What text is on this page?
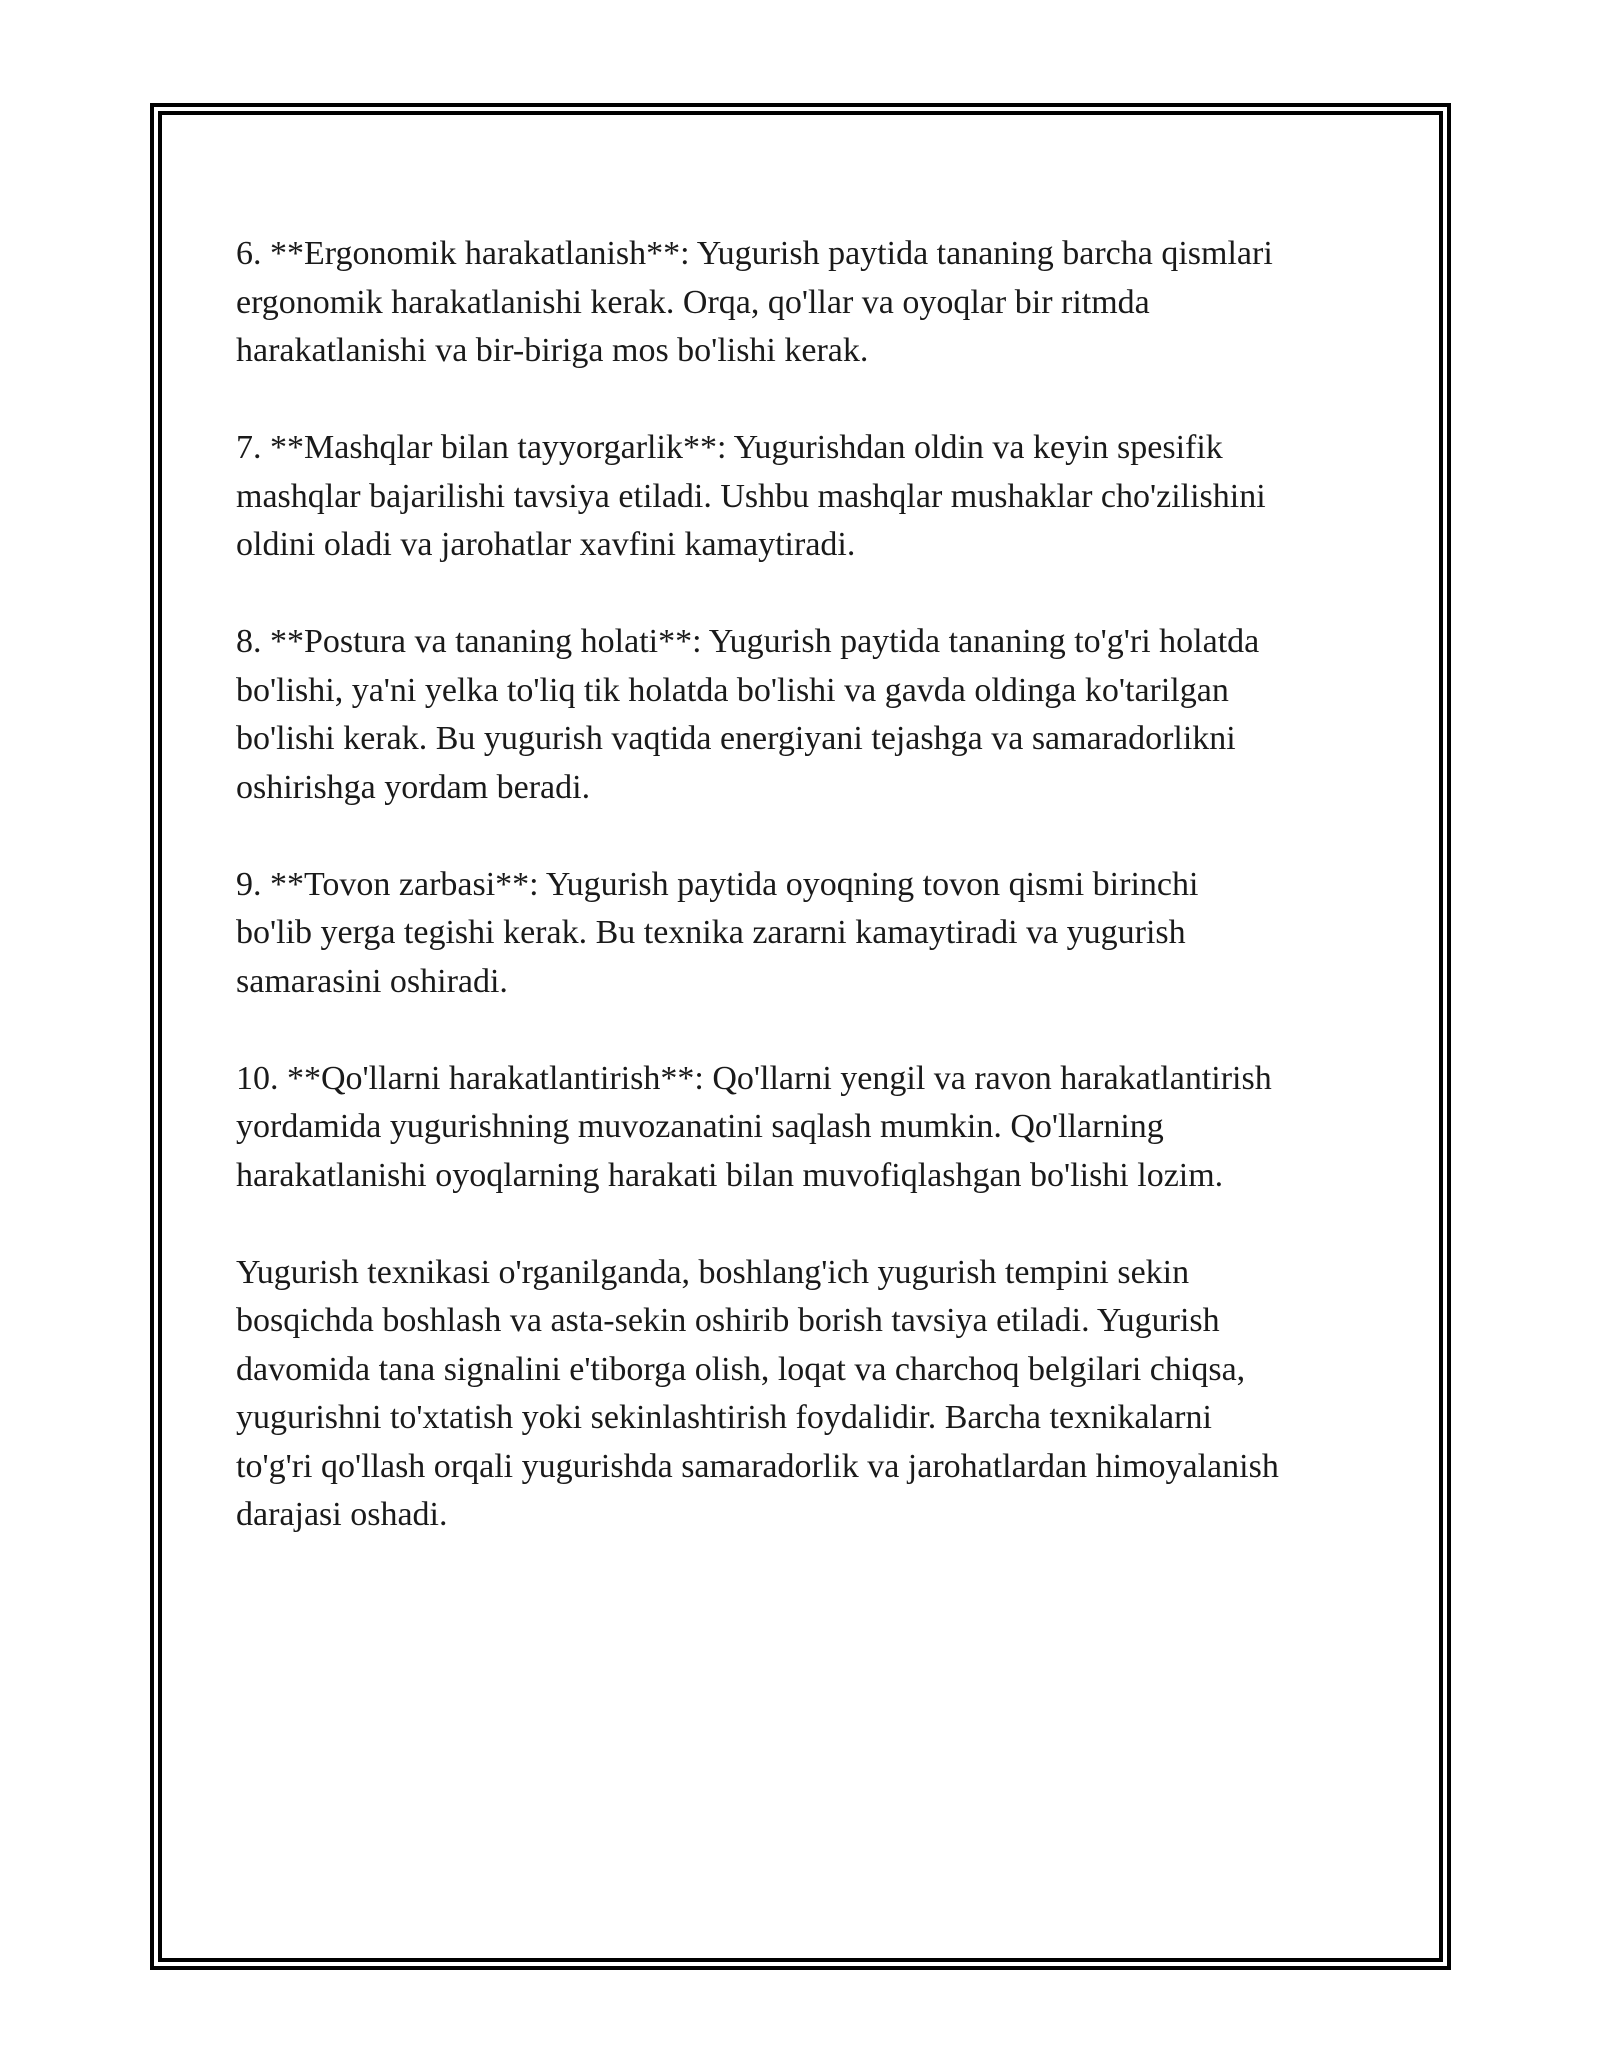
6. **Ergonomik harakatlanish**: Yugurish paytida tananing barcha qismlari
ergonomik harakatlanishi kerak. Orqa, qo'llar va oyoqlar bir ritmda
harakatlanishi va bir-biriga mos bo'lishi kerak.

7. **Mashqlar bilan tayyorgarlik**: Yugurishdan oldin va keyin spesifik
mashqlar bajarilishi tavsiya etiladi. Ushbu mashqlar mushaklar cho'zilishini
oldini oladi va jarohatlar xavfini kamaytiradi.

8. **Postura va tananing holati**: Yugurish paytida tananing to'g'ri holatda
bo'lishi, ya'ni yelka to'liq tik holatda bo'lishi va gavda oldinga ko'tarilgan
bo'lishi kerak. Bu yugurish vaqtida energiyani tejashga va samaradorlikni
oshirishga yordam beradi.

9. **Tovon zarbasi**: Yugurish paytida oyoqning tovon qismi birinchi
bo'lib yerga tegishi kerak. Bu texnika zararni kamaytiradi va yugurish
samarasini oshiradi.

10. **Qo'llarni harakatlantirish**: Qo'llarni yengil va ravon harakatlantirish
yordamida yugurishning muvozanatini saqlash mumkin. Qo'llarning
harakatlanishi oyoqlarning harakati bilan muvofiqlashgan bo'lishi lozim.

Yugurish texnikasi o'rganilganda, boshlang'ich yugurish tempini sekin
bosqichda boshlash va asta-sekin oshirib borish tavsiya etiladi. Yugurish
davomida tana signalini e'tiborga olish, loqat va charchoq belgilari chiqsa,
yugurishni to'xtatish yoki sekinlashtirish foydalidir. Barcha texnikalarni
to'g'ri qo'llash orqali yugurishda samaradorlik va jarohatlardan himoyalanish
darajasi oshadi.
